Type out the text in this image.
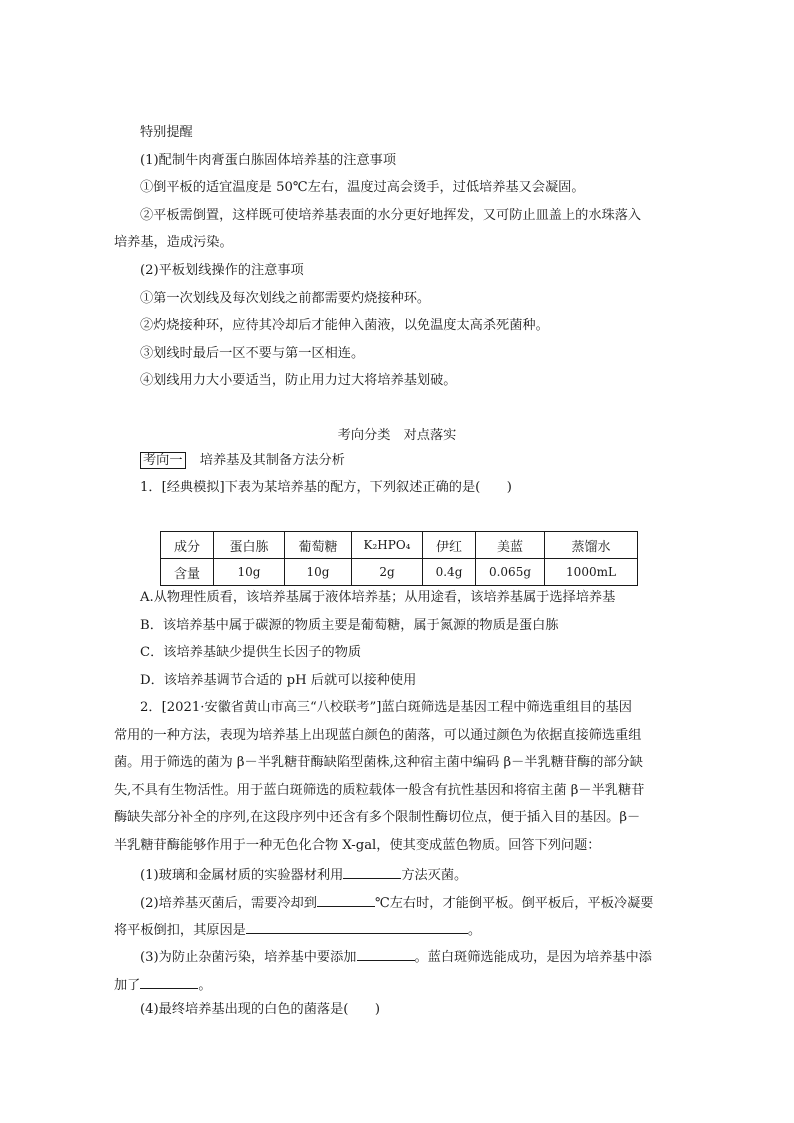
特别提醒
(1)配制牛肉膏蛋白胨固体培养基的注意事项
①倒平板的适宜温度是 50℃左右，温度过高会烫手，过低培养基又会凝固。
②平板需倒置，这样既可使培养基表面的水分更好地挥发，又可防止皿盖上的水珠落入
培养基，造成污染。
(2)平板划线操作的注意事项
①第一次划线及每次划线之前都需要灼烧接种环。
②灼烧接种环，应待其冷却后才能伸入菌液，以免温度太高杀死菌种。
③划线时最后一区不要与第一区相连。
④划线用力大小要适当，防止用力过大将培养基划破。
考向分类　对点落实
考向一 培养基及其制备方法分析
1．[经典模拟]下表为某培养基的配方，下列叙述正确的是(　　)
成分	蛋白胨	葡萄糖	K₂HPO₄	伊红	美蓝	蒸馏水
含量	10g	10g	2g	0.4g	0.065g	1000mL
A.从物理性质看，该培养基属于液体培养基；从用途看，该培养基属于选择培养基
B．该培养基中属于碳源的物质主要是葡萄糖，属于氮源的物质是蛋白胨
C．该培养基缺少提供生长因子的物质
D．该培养基调节合适的 pH 后就可以接种使用
2．[2021·安徽省黄山市高三“八校联考”]蓝白斑筛选是基因工程中筛选重组目的基因
常用的一种方法，表现为培养基上出现蓝白颜色的菌落，可以通过颜色为依据直接筛选重组
菌。用于筛选的菌为 β－半乳糖苷酶缺陷型菌株,这种宿主菌中编码 β－半乳糖苷酶的部分缺
失,不具有生物活性。用于蓝白斑筛选的质粒载体一般含有抗性基因和将宿主菌 β－半乳糖苷
酶缺失部分补全的序列,在这段序列中还含有多个限制性酶切位点，便于插入目的基因。β－
半乳糖苷酶能够作用于一种无色化合物 X-gal，使其变成蓝色物质。回答下列问题：
(1)玻璃和金属材质的实验器材利用	方法灭菌。
(2)培养基灭菌后，需要冷却到	℃左右时，才能倒平板。倒平板后，平板冷凝要
将平板倒扣，其原因是	。
(3)为防止杂菌污染，培养基中要添加	。蓝白斑筛选能成功，是因为培养基中添
加了	。
(4)最终培养基出现的白色的菌落是(　　)
